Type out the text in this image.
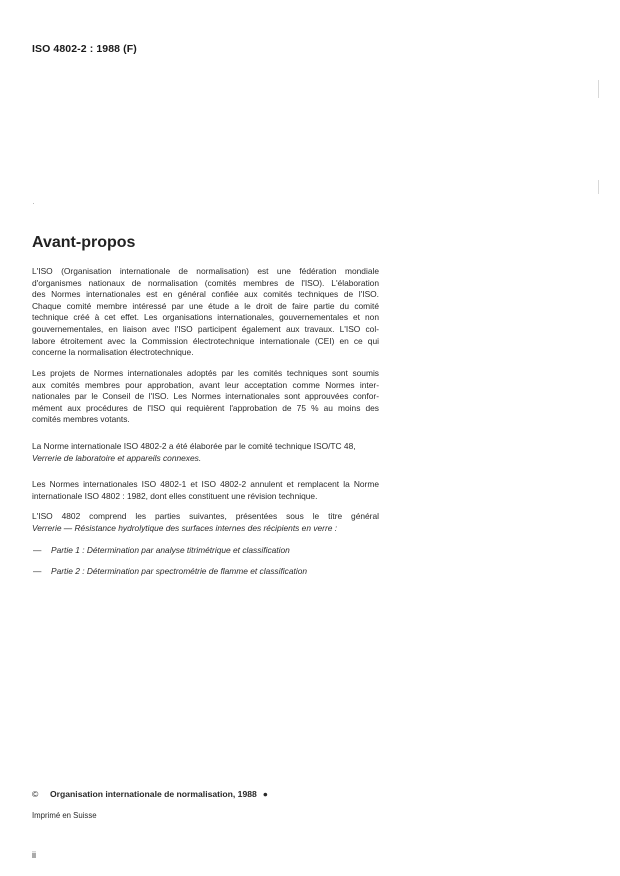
ISO 4802-2 : 1988 (F)
Avant-propos
L'ISO (Organisation internationale de normalisation) est une fédération mondiale
d'organismes nationaux de normalisation (comités membres de l'ISO). L'élaboration
des Normes internationales est en général confiée aux comités techniques de l'ISO.
Chaque comité membre intéressé par une étude a le droit de faire partie du comité
technique créé à cet effet. Les organisations internationales, gouvernementales et non
gouvernementales, en liaison avec l'ISO participent également aux travaux. L'ISO col-
labore étroitement avec la Commission électrotechnique internationale (CEI) en ce qui
concerne la normalisation électrotechnique.
Les projets de Normes internationales adoptés par les comités techniques sont soumis
aux comités membres pour approbation, avant leur acceptation comme Normes inter-
nationales par le Conseil de l'ISO. Les Normes internationales sont approuvées confor-
mément aux procédures de l'ISO qui requièrent l'approbation de 75 % au moins des
comités membres votants.
La Norme internationale ISO 4802-2 a été élaborée par le comité technique ISO/TC 48,
Verrerie de laboratoire et appareils connexes.
Les Normes internationales ISO 4802-1 et ISO 4802-2 annulent et remplacent la Norme
internationale ISO 4802 : 1982, dont elles constituent une révision technique.
L'ISO 4802 comprend les parties suivantes, présentées sous le titre général
Verrerie — Résistance hydrolytique des surfaces internes des récipients en verre :
— Partie 1 : Détermination par analyse titrimétrique et classification
— Partie 2 : Détermination par spectrométrie de flamme et classification
© Organisation internationale de normalisation, 1988 ●
Imprimé en Suisse
ii
